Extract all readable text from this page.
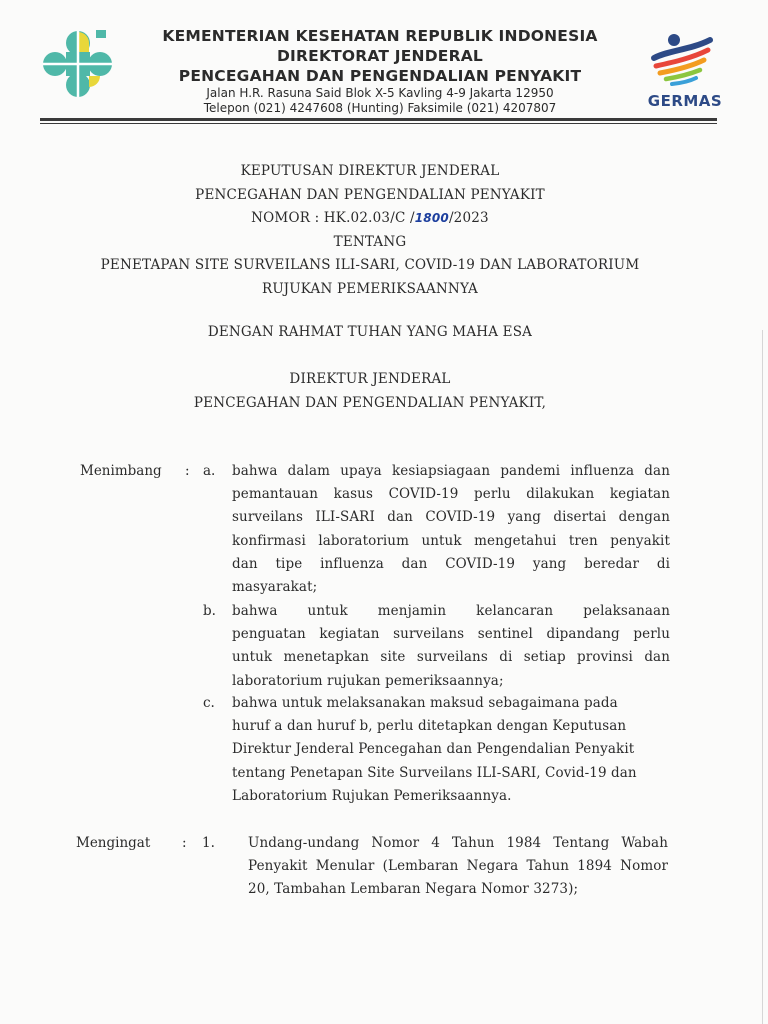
KEMENTERIAN KESEHATAN REPUBLIK INDONESIA
DIREKTORAT JENDERAL
PENCEGAHAN DAN PENGENDALIAN PENYAKIT
Jalan H.R. Rasuna Said Blok X-5 Kavling 4-9 Jakarta 12950
Telepon (021) 4247608 (Hunting) Faksimile (021) 4207807	GERMAS
KEPUTUSAN DIREKTUR JENDERAL
PENCEGAHAN DAN PENGENDALIAN PENYAKIT
NOMOR : HK.02.03/C /1800/2023
TENTANG
PENETAPAN SITE SURVEILANS ILI-SARI, COVID-19 DAN LABORATORIUM
RUJUKAN PEMERIKSAANNYA
DENGAN RAHMAT TUHAN YANG MAHA ESA
DIREKTUR JENDERAL
PENCEGAHAN DAN PENGENDALIAN PENYAKIT,
Menimbang : a. bahwa dalam upaya kesiapsiagaan pandemi influenza dan
pemantauan kasus COVID-19 perlu dilakukan kegiatan
surveilans ILI-SARI dan COVID-19 yang disertai dengan
konfirmasi laboratorium untuk mengetahui tren penyakit
dan tipe influenza dan COVID-19 yang beredar di
masyarakat;
b. bahwa untuk menjamin kelancaran pelaksanaan
penguatan kegiatan surveilans sentinel dipandang perlu
untuk menetapkan site surveilans di setiap provinsi dan
laboratorium rujukan pemeriksaannya;
c. bahwa untuk melaksanakan maksud sebagaimana pada
huruf a dan huruf b, perlu ditetapkan dengan Keputusan
Direktur Jenderal Pencegahan dan Pengendalian Penyakit
tentang Penetapan Site Surveilans ILI-SARI, Covid-19 dan
Laboratorium Rujukan Pemeriksaannya.
Mengingat : 1. Undang-undang Nomor 4 Tahun 1984 Tentang Wabah
Penyakit Menular (Lembaran Negara Tahun 1894 Nomor
20, Tambahan Lembaran Negara Nomor 3273);
